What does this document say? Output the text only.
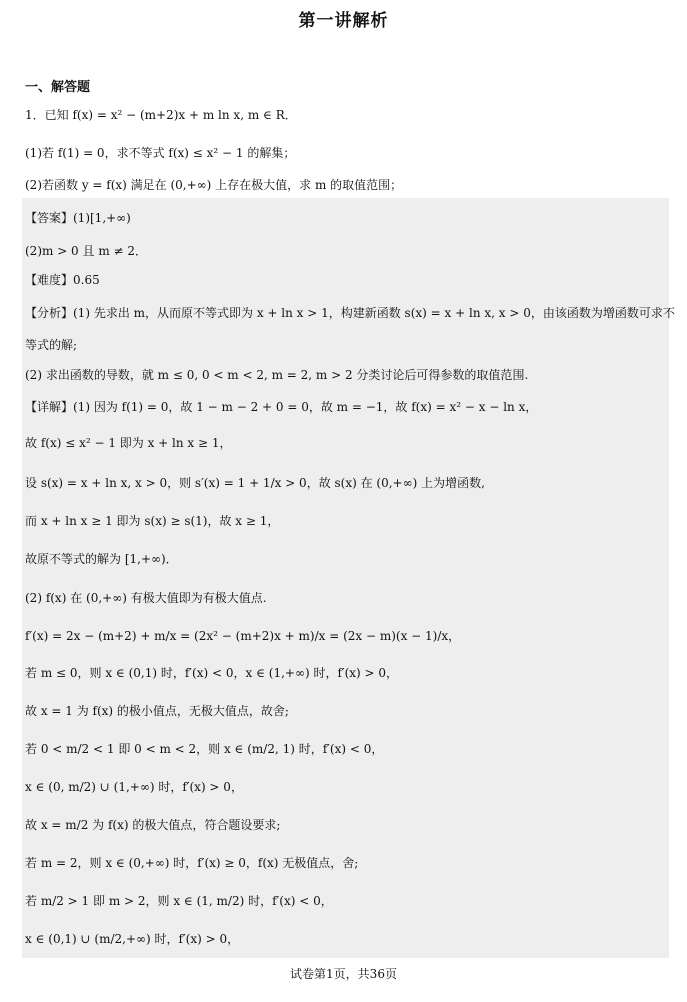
第一讲解析
一、解答题
1．已知 f(x) = x² − (m+2)x + m ln x, m ∈ R．
(1)若 f(1) = 0，求不等式 f(x) ≤ x² − 1 的解集；
(2)若函数 y = f(x) 满足在 (0,+∞) 上存在极大值，求 m 的取值范围；
【答案】(1)[1,+∞)
(2)m > 0 且 m ≠ 2．
【难度】0.65
【分析】(1) 先求出 m，从而原不等式即为 x + ln x > 1，构建新函数 s(x) = x + ln x, x > 0，由该函数为增函数可求不
等式的解;
(2) 求出函数的导数，就 m ≤ 0, 0 < m < 2, m = 2, m > 2 分类讨论后可得参数的取值范围.
【详解】(1) 因为 f(1) = 0，故 1 − m − 2 + 0 = 0，故 m = −1，故 f(x) = x² − x − ln x，
故 f(x) ≤ x² − 1 即为 x + ln x ≥ 1，
设 s(x) = x + ln x, x > 0，则 s′(x) = 1 + 1/x > 0，故 s(x) 在 (0,+∞) 上为增函数,
而 x + ln x ≥ 1 即为 s(x) ≥ s(1)，故 x ≥ 1，
故原不等式的解为 [1,+∞)．
(2) f(x) 在 (0,+∞) 有极大值即为有极大值点.
f′(x) = 2x − (m+2) + m/x = (2x² − (m+2)x + m)/x = (2x − m)(x − 1)/x，
若 m ≤ 0，则 x ∈ (0,1) 时，f′(x) < 0，x ∈ (1,+∞) 时，f′(x) > 0，
故 x = 1 为 f(x) 的极小值点，无极大值点，故舍;
若 0 < m/2 < 1 即 0 < m < 2，则 x ∈ (m/2, 1) 时，f′(x) < 0，
x ∈ (0, m/2) ∪ (1,+∞) 时，f′(x) > 0，
故 x = m/2 为 f(x) 的极大值点，符合题设要求;
若 m = 2，则 x ∈ (0,+∞) 时，f′(x) ≥ 0，f(x) 无极值点，舍;
若 m/2 > 1 即 m > 2，则 x ∈ (1, m/2) 时，f′(x) < 0，
x ∈ (0,1) ∪ (m/2,+∞) 时，f′(x) > 0，
试卷第1页，共36页
